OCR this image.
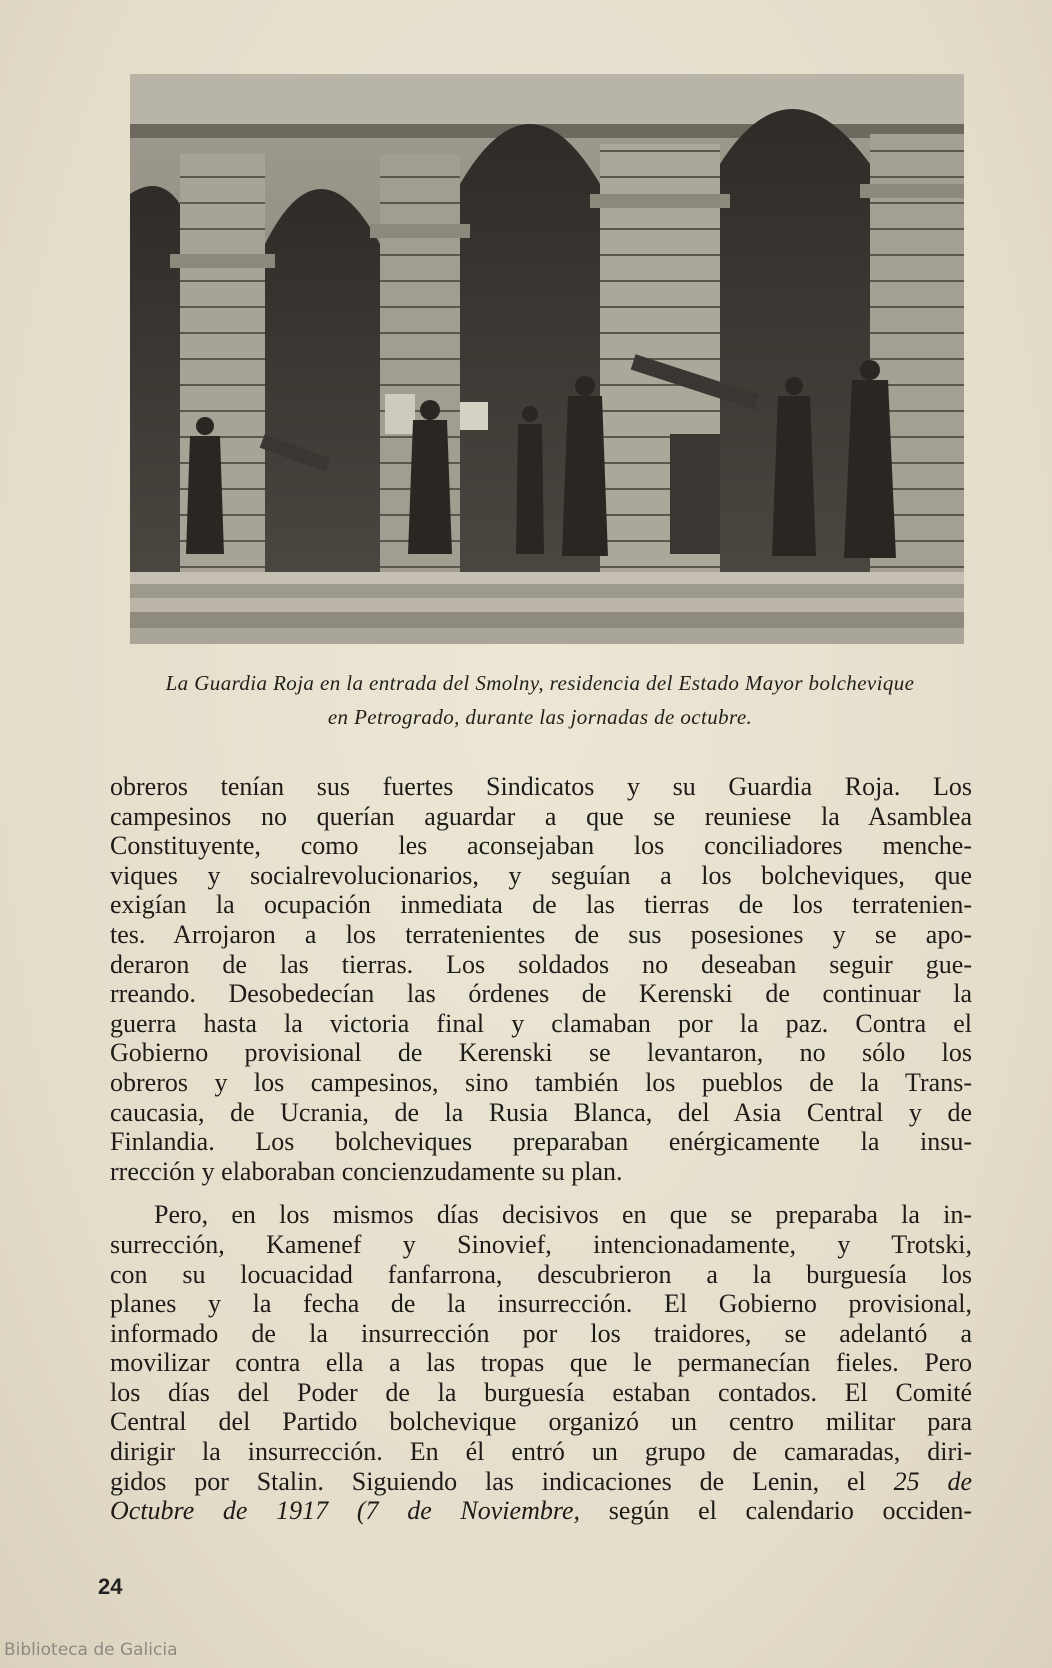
La Guardia Roja en la entrada del Smolny, residencia del Estado Mayor bolchevique
en Petrogrado, durante las jornadas de octubre.
obreros tenían sus fuertes Sindicatos y su Guardia Roja. Los
campesinos no querían aguardar a que se reuniese la Asamblea
Constituyente, como les aconsejaban los conciliadores menche-
viques y socialrevolucionarios, y seguían a los bolcheviques, que
exigían la ocupación inmediata de las tierras de los terratenien-
tes. Arrojaron a los terratenientes de sus posesiones y se apo-
deraron de las tierras. Los soldados no deseaban seguir gue-
rreando. Desobedecían las órdenes de Kerenski de continuar la
guerra hasta la victoria final y clamaban por la paz. Contra el
Gobierno provisional de Kerenski se levantaron, no sólo los
obreros y los campesinos, sino también los pueblos de la Trans-
caucasia, de Ucrania, de la Rusia Blanca, del Asia Central y de
Finlandia. Los bolcheviques preparaban enérgicamente la insu-
rrección y elaboraban concienzudamente su plan.
Pero, en los mismos días decisivos en que se preparaba la in-
surrección, Kamenef y Sinovief, intencionadamente, y Trotski,
con su locuacidad fanfarrona, descubrieron a la burguesía los
planes y la fecha de la insurrección. El Gobierno provisional,
informado de la insurrección por los traidores, se adelantó a
movilizar contra ella a las tropas que le permanecían fieles. Pero
los días del Poder de la burguesía estaban contados. El Comité
Central del Partido bolchevique organizó un centro militar para
dirigir la insurrección. En él entró un grupo de camaradas, diri-
gidos por Stalin. Siguiendo las indicaciones de Lenin, el 25 de
Octubre de 1917 (7 de Noviembre, según el calendario occiden-
24
Biblioteca de Galicia
